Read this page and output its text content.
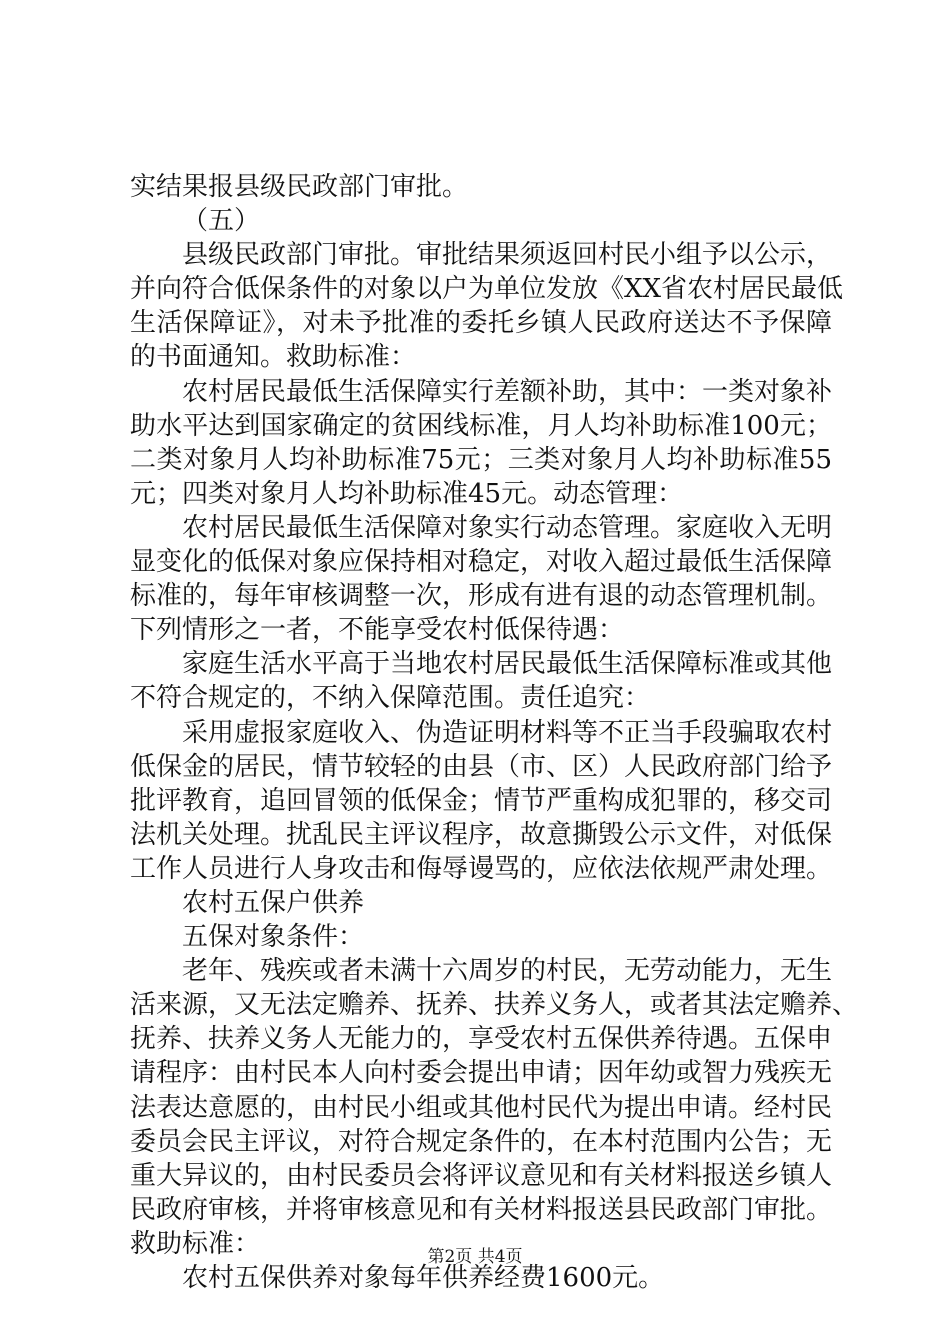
实结果报县级民政部门审批。
（五）
县级民政部门审批。审批结果须返回村民小组予以公示，
并向符合低保条件的对象以户为单位发放《XX省农村居民最低
生活保障证》，对未予批准的委托乡镇人民政府送达不予保障
的书面通知。救助标准：
农村居民最低生活保障实行差额补助，其中：一类对象补
助水平达到国家确定的贫困线标准，月人均补助标准100元；
二类对象月人均补助标准75元；三类对象月人均补助标准55
元；四类对象月人均补助标准45元。动态管理：
农村居民最低生活保障对象实行动态管理。家庭收入无明
显变化的低保对象应保持相对稳定，对收入超过最低生活保障
标准的，每年审核调整一次，形成有进有退的动态管理机制。
下列情形之一者，不能享受农村低保待遇：
家庭生活水平高于当地农村居民最低生活保障标准或其他
不符合规定的，不纳入保障范围。责任追究：
采用虚报家庭收入、伪造证明材料等不正当手段骗取农村
低保金的居民，情节较轻的由县（市、区）人民政府部门给予
批评教育，追回冒领的低保金；情节严重构成犯罪的，移交司
法机关处理。扰乱民主评议程序，故意撕毁公示文件，对低保
工作人员进行人身攻击和侮辱谩骂的，应依法依规严肃处理。
农村五保户供养
五保对象条件：
老年、残疾或者未满十六周岁的村民，无劳动能力，无生
活来源，又无法定赡养、抚养、扶养义务人，或者其法定赡养、
抚养、扶养义务人无能力的，享受农村五保供养待遇。五保申
请程序：由村民本人向村委会提出申请；因年幼或智力残疾无
法表达意愿的，由村民小组或其他村民代为提出申请。经村民
委员会民主评议，对符合规定条件的，在本村范围内公告；无
重大异议的，由村民委员会将评议意见和有关材料报送乡镇人
民政府审核，并将审核意见和有关材料报送县民政部门审批。
救助标准：
农村五保供养对象每年供养经费1600元。
第2页 共4页
